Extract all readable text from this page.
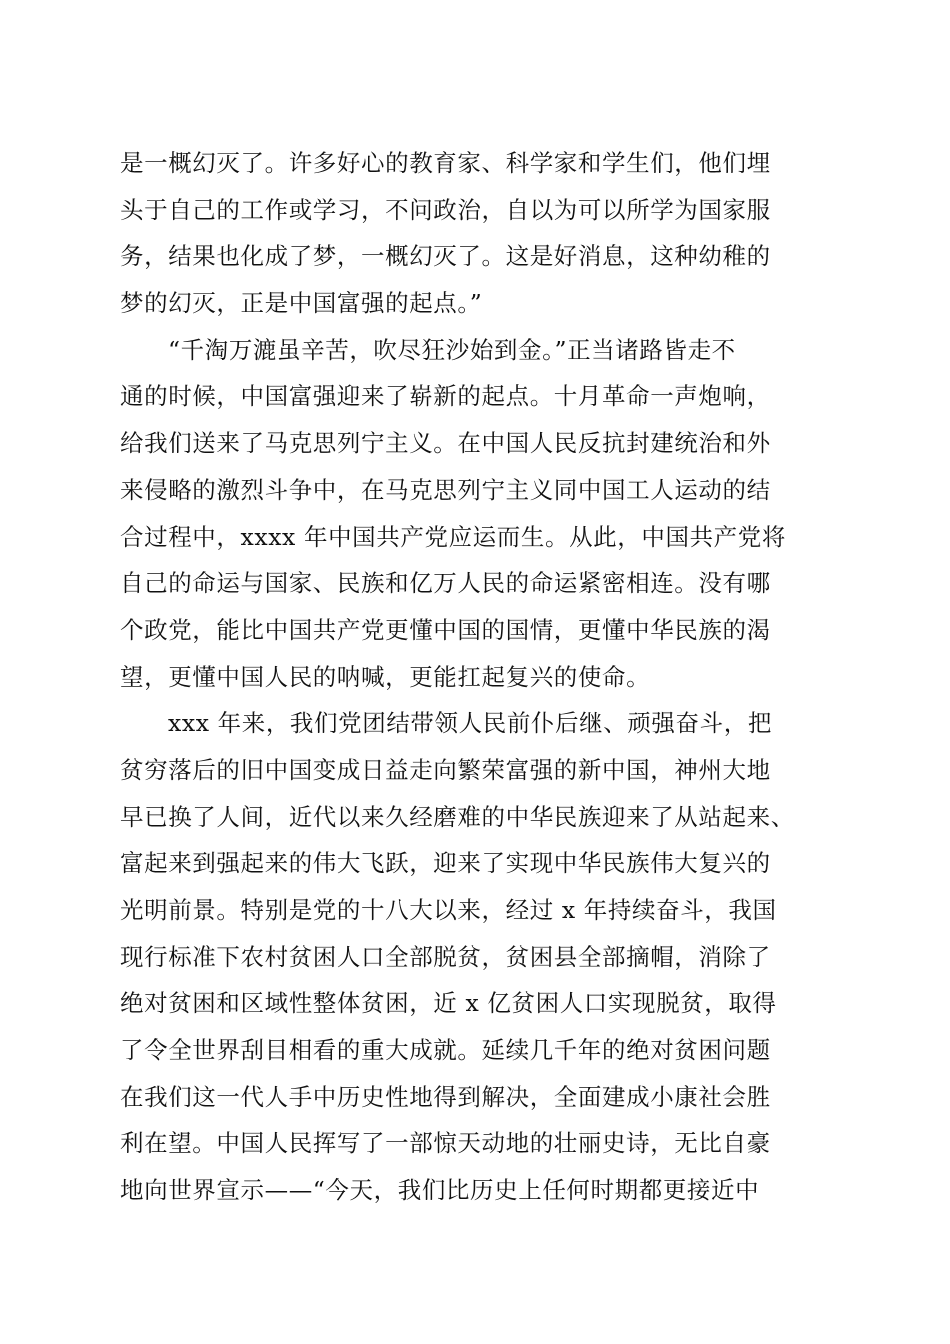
是一概幻灭了。许多好心的教育家、科学家和学生们，他们埋
头于自己的工作或学习，不问政治，自以为可以所学为国家服
务，结果也化成了梦，一概幻灭了。这是好消息，这种幼稚的
梦的幻灭，正是中国富强的起点。”

“千淘万漉虽辛苦，吹尽狂沙始到金。”正当诸路皆走不
通的时候，中国富强迎来了崭新的起点。十月革命一声炮响，
给我们送来了马克思列宁主义。在中国人民反抗封建统治和外
来侵略的激烈斗争中，在马克思列宁主义同中国工人运动的结
合过程中，xxxx 年中国共产党应运而生。从此，中国共产党将
自己的命运与国家、民族和亿万人民的命运紧密相连。没有哪
个政党，能比中国共产党更懂中国的国情，更懂中华民族的渴
望，更懂中国人民的呐喊，更能扛起复兴的使命。

xxx 年来，我们党团结带领人民前仆后继、顽强奋斗，把
贫穷落后的旧中国变成日益走向繁荣富强的新中国，神州大地
早已换了人间，近代以来久经磨难的中华民族迎来了从站起来、
富起来到强起来的伟大飞跃，迎来了实现中华民族伟大复兴的
光明前景。特别是党的十八大以来，经过 x 年持续奋斗，我国
现行标准下农村贫困人口全部脱贫，贫困县全部摘帽，消除了
绝对贫困和区域性整体贫困，近 x 亿贫困人口实现脱贫，取得
了令全世界刮目相看的重大成就。延续几千年的绝对贫困问题
在我们这一代人手中历史性地得到解决，全面建成小康社会胜
利在望。中国人民挥写了一部惊天动地的壮丽史诗，无比自豪
地向世界宣示——“今天，我们比历史上任何时期都更接近中
